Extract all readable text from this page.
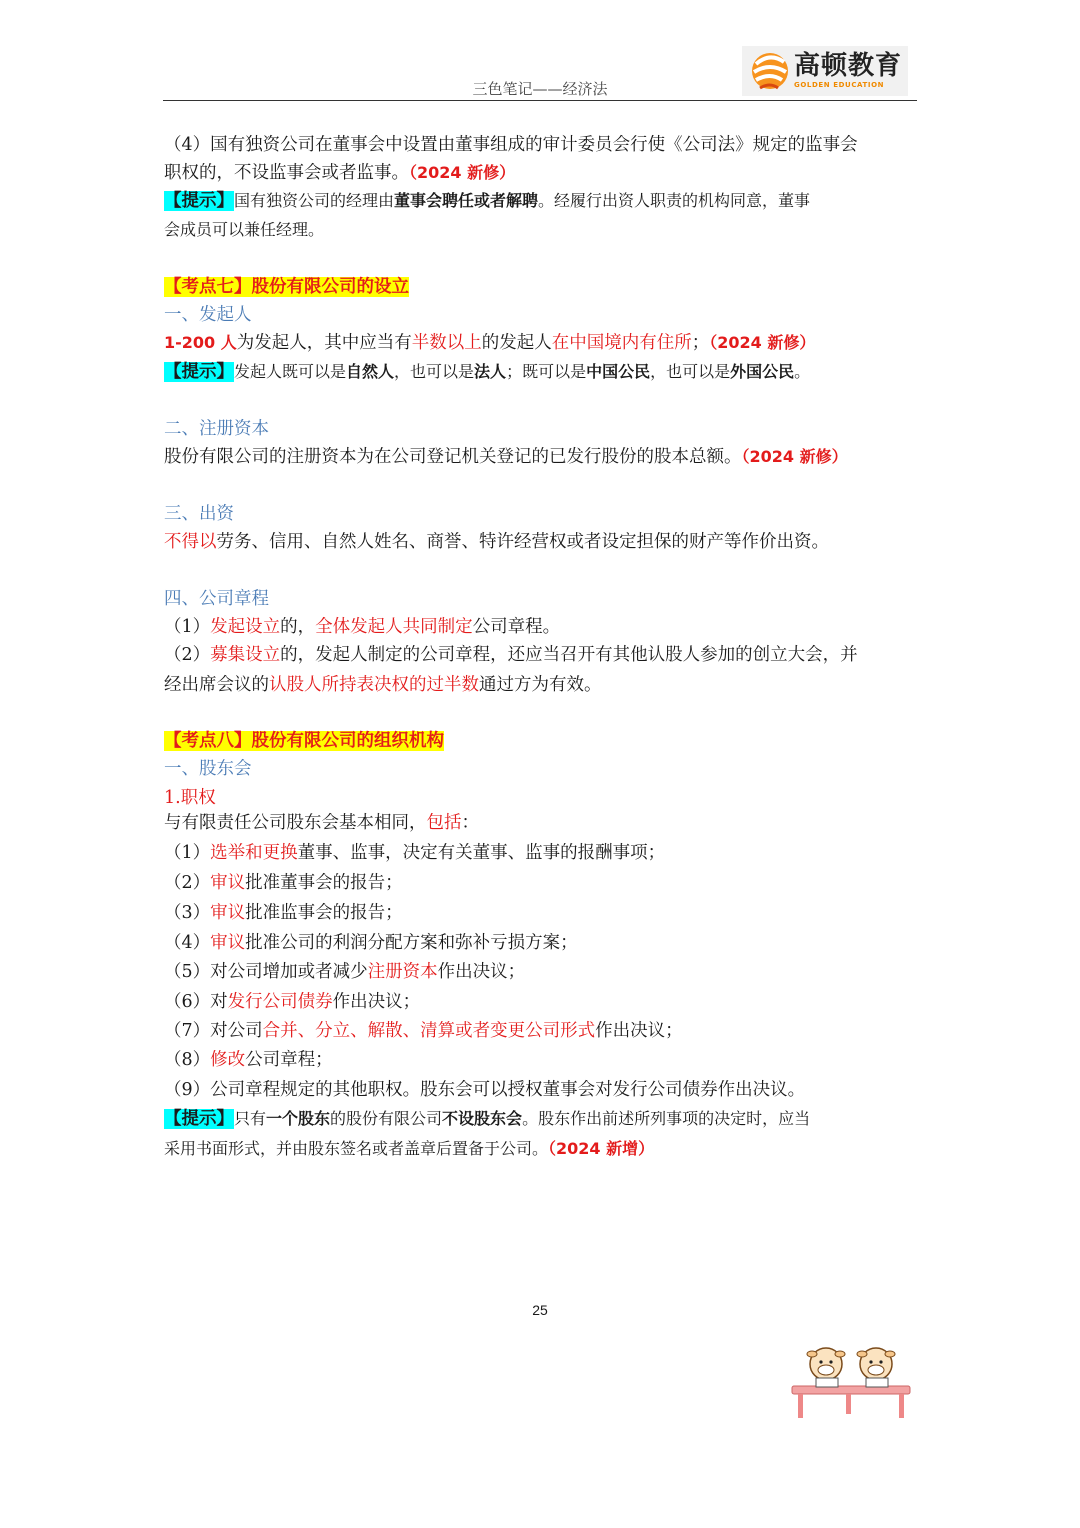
高顿教育
GOLDEN EDUCATION
三色笔记——经济法
（4）国有独资公司在董事会中设置由董事组成的审计委员会行使《公司法》规定的监事会
职权的，不设监事会或者监事。（2024 新修）
【提示】国有独资公司的经理由董事会聘任或者解聘。经履行出资人职责的机构同意，董事
会成员可以兼任经理。
【考点七】股份有限公司的设立
一、发起人
1-200 人为发起人，其中应当有半数以上的发起人在中国境内有住所；（2024 新修）
【提示】发起人既可以是自然人，也可以是法人；既可以是中国公民，也可以是外国公民。
二、注册资本
股份有限公司的注册资本为在公司登记机关登记的已发行股份的股本总额。（2024 新修）
三、出资
不得以劳务、信用、自然人姓名、商誉、特许经营权或者设定担保的财产等作价出资。
四、公司章程
（1）发起设立的，全体发起人共同制定公司章程。
（2）募集设立的，发起人制定的公司章程，还应当召开有其他认股人参加的创立大会，并
经出席会议的认股人所持表决权的过半数通过方为有效。
【考点八】股份有限公司的组织机构
一、股东会
1.职权
与有限责任公司股东会基本相同，包括：
（1）选举和更换董事、监事，决定有关董事、监事的报酬事项；
（2）审议批准董事会的报告；
（3）审议批准监事会的报告；
（4）审议批准公司的利润分配方案和弥补亏损方案；
（5）对公司增加或者减少注册资本作出决议；
（6）对发行公司债券作出决议；
（7）对公司合并、分立、解散、清算或者变更公司形式作出决议；
（8）修改公司章程；
（9）公司章程规定的其他职权。股东会可以授权董事会对发行公司债券作出决议。
【提示】只有一个股东的股份有限公司不设股东会。股东作出前述所列事项的决定时，应当
采用书面形式，并由股东签名或者盖章后置备于公司。（2024 新增）
25
